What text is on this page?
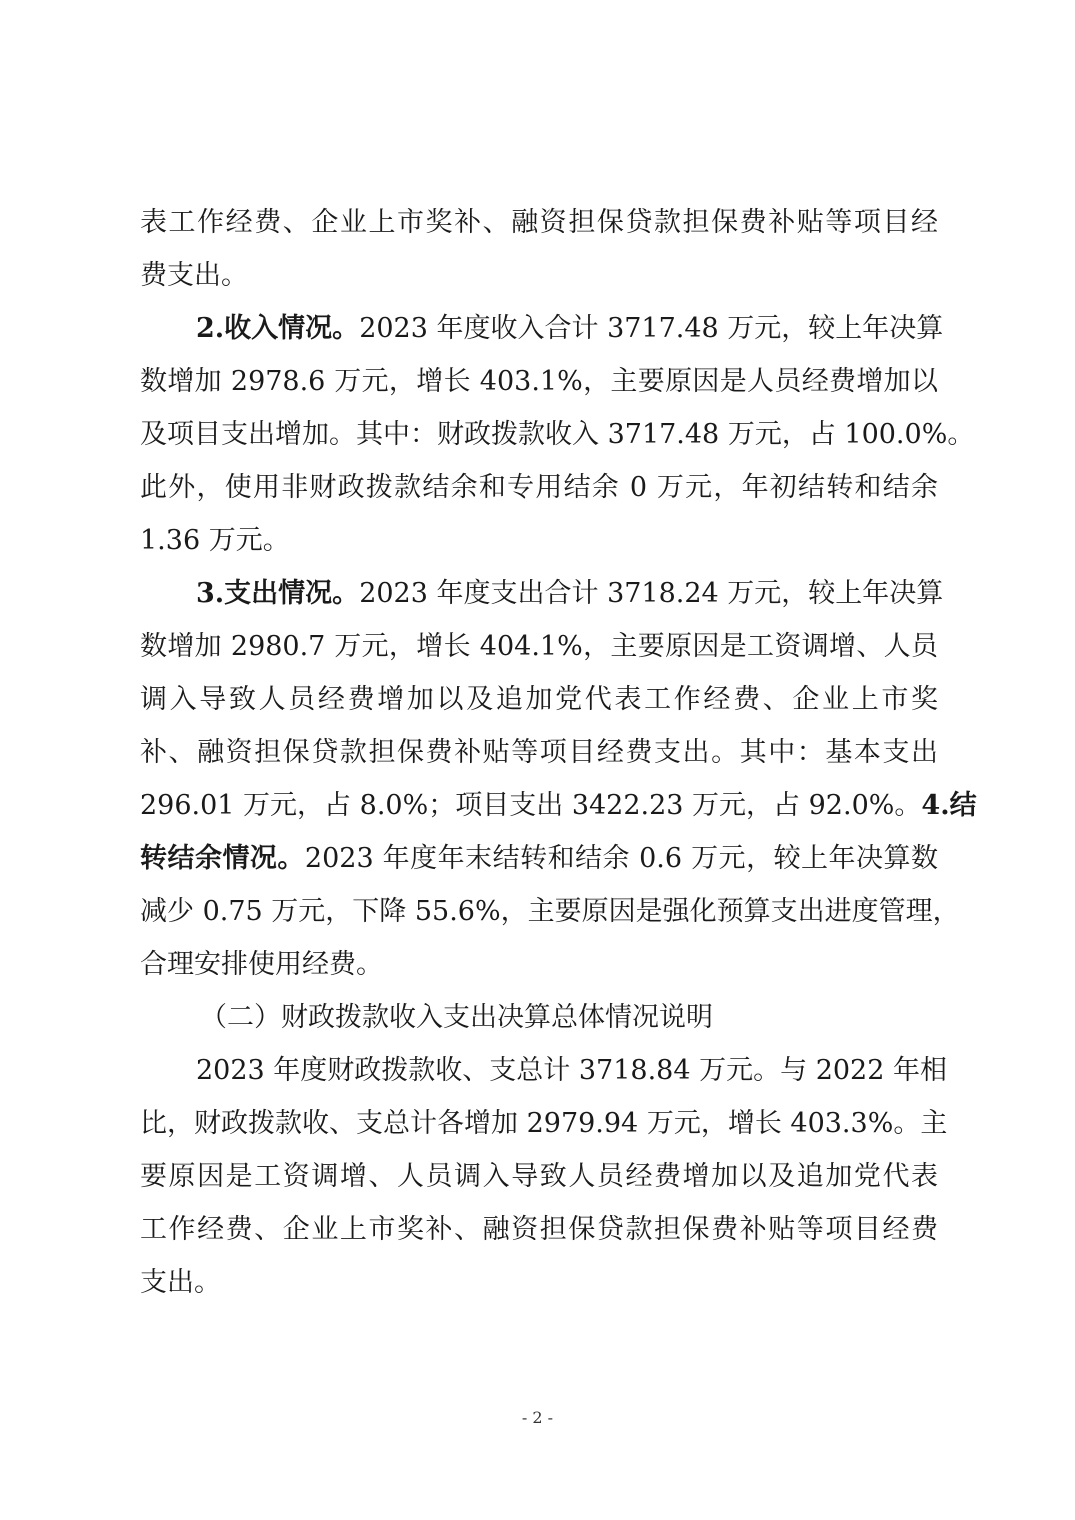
表工作经费、企业上市奖补、融资担保贷款担保费补贴等项目经
费支出。
2.收入情况。2023 年度收入合计 3717.48 万元，较上年决算
数增加 2978.6 万元，增长 403.1%，主要原因是人员经费增加以
及项目支出增加。其中：财政拨款收入 3717.48 万元，占 100.0%。
此外，使用非财政拨款结余和专用结余 0 万元，年初结转和结余
1.36 万元。
3.支出情况。2023 年度支出合计 3718.24 万元，较上年决算
数增加 2980.7 万元，增长 404.1%，主要原因是工资调增、人员
调入导致人员经费增加以及追加党代表工作经费、企业上市奖
补、融资担保贷款担保费补贴等项目经费支出。其中：基本支出
296.01 万元，占 8.0%；项目支出 3422.23 万元，占 92.0%。4.结
转结余情况。2023 年度年末结转和结余 0.6 万元，较上年决算数
减少 0.75 万元，下降 55.6%，主要原因是强化预算支出进度管理，
合理安排使用经费。
（二）财政拨款收入支出决算总体情况说明
2023 年度财政拨款收、支总计 3718.84 万元。与 2022 年相
比，财政拨款收、支总计各增加 2979.94 万元，增长 403.3%。主
要原因是工资调增、人员调入导致人员经费增加以及追加党代表
工作经费、企业上市奖补、融资担保贷款担保费补贴等项目经费
支出。
- 2 -
